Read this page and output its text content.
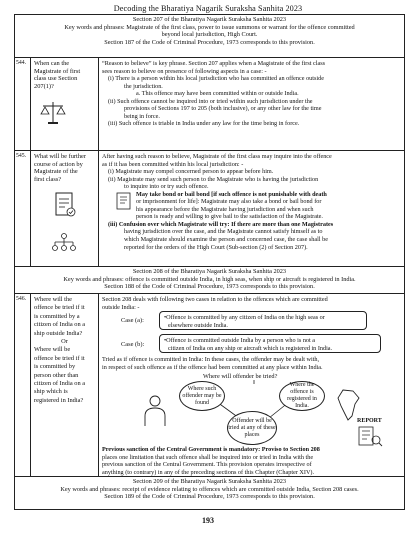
Decoding the Bharatiya Nagarik Suraksha Sanhita 2023
Section 207 of the Bharatiya Nagarik Suraksha Sanhita 2023
Key words and phrases: Magistrate of the first class, power to issue summons or warrant for the offence committed
beyond local jurisdiction, High Court.
Section 187 of the Code of Criminal Procedure, 1973 corresponds to this provision.
544.	When can the
Magistrate of first
class use Section
207(1)?
“Reason to believe” is key phrase. Section 207 applies when a Magistrate of the first class
sees reason to believe on presence of following aspects in a case: -
(i) There is a person within his local jurisdiction who has committed an offence outside
the jurisdiction.
a. This offence may have been committed within or outside India.
(ii) Such offence cannot be inquired into or tried within such jurisdiction under the
provisions of Sections 197 to 205 (both inclusive), or any other law for the time
being in force.
(iii) Such offence is triable in India under any law for the time being in force.
545.	What will be further
course of action by
Magistrate of the
first class?
After having such reason to believe, Magistrate of the first class may inquire into the offence
as if it has been committed within his local jurisdiction: -
(i) Magistrate may compel concerned person to appear before him.
(ii) Magistrate may send such person to the Magistrate who is having the jurisdiction
to inquire into or try such offence.
May take bond or bail bond [if such offence is not punishable with death
or imprisonment for life]: Magistrate may also take a bond or bail bond for
his appearance before the Magistrate having jurisdiction and when such
person is ready and willing to give bail to the satisfaction of the Magistrate.
(iii) Confusion over which Magistrate will try: If there are more than one Magistrates
having jurisdiction over the case, and the Magistrate cannot satisfy himself as to
which Magistrate should examine the person and concerned case, the case shall be
reported for the orders of the High Court (Sub-section (2) of Section 207).
Section 208 of the Bharatiya Nagarik Suraksha Sanhita 2023
Key words and phrases: offence is committed outside India, in high seas, when ship or aircraft is registered in India.
Section 188 of the Code of Criminal Procedure, 1973 corresponds to this provision.
546.	Where will the
offence be tried if it
is committed by a
citizen of India on a
ship outside India?
Or
Where will be
offence be tried if it
is committed by
person other than
citizen of India on a
ship which is
registered in India?
Section 208 deals with following two cases in relation to the offences which are committed
outside India: -
Case (a):	•Offence is committed by any citizen of India on the high seas or
elsewhere outside India.
Case (b):
•Offence is committed outside India by a person who is not a
citizen of India on any ship or aircraft which is registered in India.
Tried as if offence is committed in India: In these cases, the offender may be dealt with,
in respect of such offence as if the offence had been committed at any place within India.
Where will offender be tried?
Where such offender may be found
Where the offence is registered in India.
Offender will be tried at any of these places
REPORT
Previous sanction of the Central Government is mandatory: Proviso to Section 208
places one limitation that such offence shall be inquired into or tried in India with the
previous sanction of the Central Government. This provision operates irrespective of
anything (to contrary) in any of the preceding sections of this Chapter (Chapter XIV).
Section 209 of the Bharatiya Nagarik Suraksha Sanhita 2023
Key words and phrases: receipt of evidence relating to offences which are committed outside India, Section 208 cases.
Section 189 of the Code of Criminal Procedure, 1973 corresponds to this provision.
193
